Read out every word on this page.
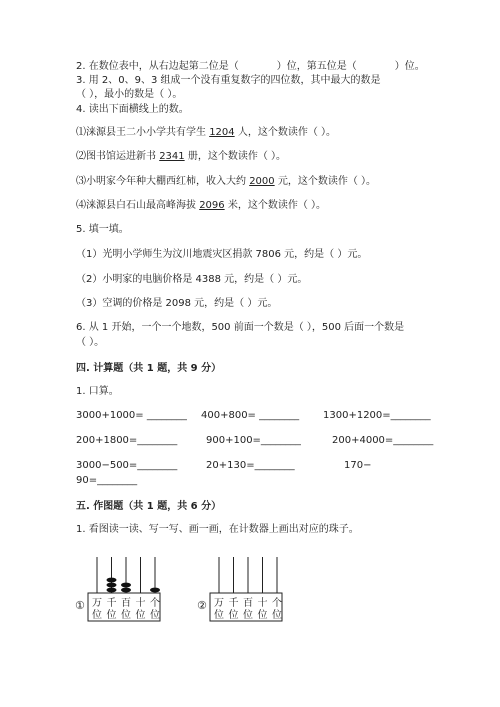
2. 在数位表中，从右边起第二位是（	）位，第五位是（	）位。
3. 用 2、0、9、3 组成一个没有重复数字的四位数，其中最大的数是
（ ），最小的数是（ ）。
4. 读出下面横线上的数。
⑴涞源县王二小小学共有学生 1204 人，这个数读作（ ）。
⑵图书馆运进新书 2341 册，这个数读作（ ）。
⑶小明家今年种大棚西红柿，收入大约 2000 元，这个数读作（ ）。
⑷涞源县白石山最高峰海拔 2096 米，这个数读作（ ）。
5. 填一填。
（1）光明小学师生为汶川地震灾区捐款 7806 元，约是（ ）元。
（2）小明家的电脑价格是 4388 元，约是（ ）元。
（3）空调的价格是 2098 元，约是（ ）元。
6. 从 1 开始，一个一个地数，500 前面一个数是（ ），500 后面一个数是
（ ）。
四. 计算题（共 1 题，共 9 分）
1. 口算。
3000+1000= ________ 400+800= ________ 1300+1200=________
200+1800=________	900+100=________	200+4000=________
3000−500=________	20+130=________	170−
90=________
五. 作图题（共 1 题，共 6 分）
1. 看图读一读、写一写、画一画，在计数器上画出对应的珠子。
① 万
位
千
位
百
位
十
位
个
位
② 万
位
千
位
百
位
十
位
个
位
